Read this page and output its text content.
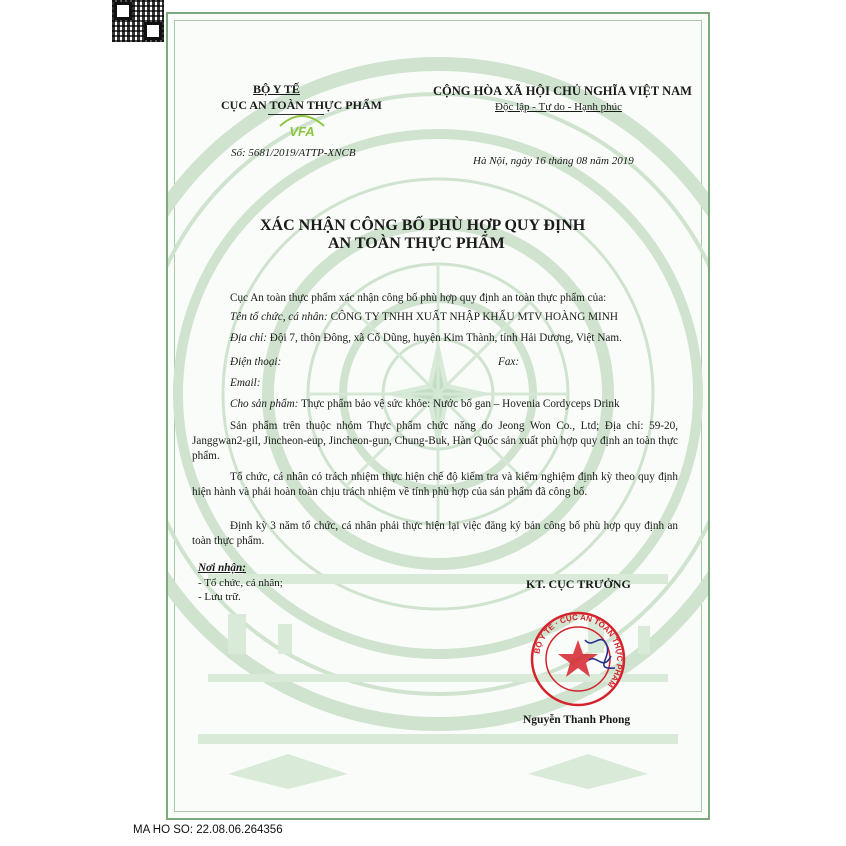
BỘ Y TẾ
CỤC AN TOÀN THỰC PHẨM
VFA
CỘNG HÒA XÃ HỘI CHỦ NGHĨA VIỆT NAM
Độc lập - Tự do - Hạnh phúc
Số: 5681/2019/ATTP-XNCB
Hà Nội, ngày 16 tháng 08 năm 2019
XÁC NHẬN CÔNG BỐ PHÙ HỢP QUY ĐỊNH
AN TOÀN THỰC PHẨM
Cục An toàn thực phẩm xác nhận công bố phù hợp quy định an toàn thực phẩm của:
Tên tổ chức, cá nhân: CÔNG TY TNHH XUẤT NHẬP KHẨU MTV HOÀNG MINH
Địa chỉ: Đội 7, thôn Đông, xã Cổ Dũng, huyện Kim Thành, tỉnh Hải Dương, Việt Nam.
Điện thoại:	Fax:
Email:
Cho sản phẩm: Thực phẩm bảo vệ sức khỏe: Nước bổ gan – Hovenia Cordyceps Drink
Sản phẩm trên thuộc nhóm Thực phẩm chức năng do Jeong Won Co., Ltd; Địa chỉ: 59-20, Janggwan2-gil, Jincheon-eup, Jincheon-gun, Chung-Buk, Hàn Quốc sản xuất phù hợp quy định an toàn thực phẩm.
Tổ chức, cá nhân có trách nhiệm thực hiện chế độ kiểm tra và kiểm nghiệm định kỳ theo quy định hiện hành và phải hoàn toàn chịu trách nhiệm về tính phù hợp của sản phẩm đã công bố.
Định kỳ 3 năm tổ chức, cá nhân phải thực hiện lại việc đăng ký bản công bố phù hợp quy định an toàn thực phẩm.
Nơi nhận:
- Tổ chức, cá nhân;
- Lưu trữ.
KT. CỤC TRƯỞNG
BỘ Y TẾ · CỤC AN TOÀN THỰC PHẨM
Nguyễn Thanh Phong
MA HO SO: 22.08.06.264356
